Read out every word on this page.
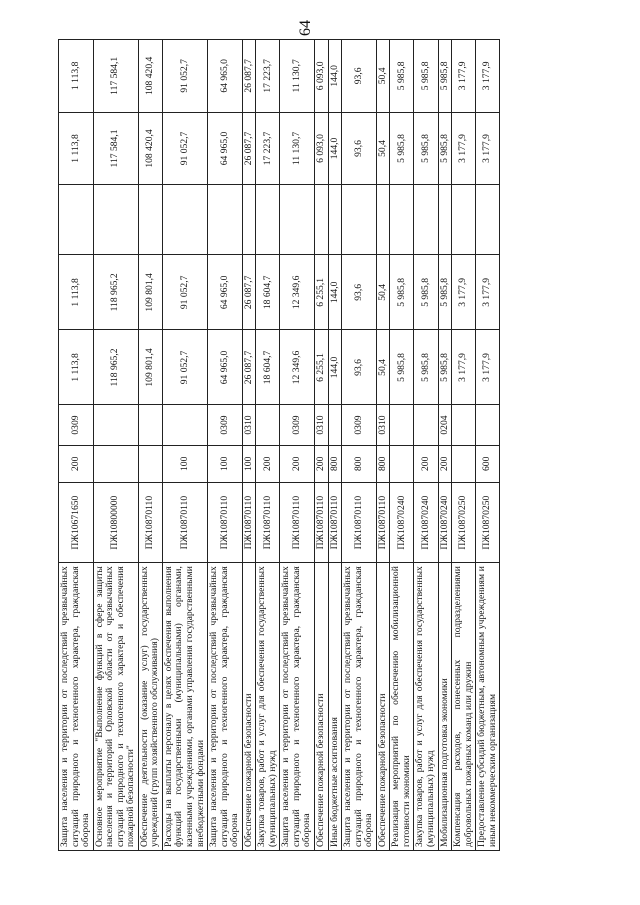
64
Защита населения и территории от последствий чрезвычайных ситуаций природного и техногенного характера, гражданская оборона	ПЖ10671650	200	0309	1 113,8	1 113,8		1 113,8	1 113,8
Основное мероприятие "Выполнение функций в сфере защиты населения и территорий Орловской области от чрезвычайных ситуаций природного и техногенного характера и обеспечения пожарной безопасности"	ПЖ10800000			118 965,2	118 965,2		117 584,1	117 584,1
Обеспечение деятельности (оказание услуг) государственных учреждений (групп хозяйственного обслуживания)	ПЖ10870110			109 801,4	109 801,4		108 420,4	108 420,4
Расходы на выплаты персоналу в целях обеспечения выполнения функций государственными (муниципальными) органами, казенными учреждениями, органами управления государственными внебюджетными фондами	ПЖ10870110	100		91 052,7	91 052,7		91 052,7	91 052,7
Защита населения и территории от последствий чрезвычайных ситуаций природного и техногенного характера, гражданская оборона	ПЖ10870110	100	0309	64 965,0	64 965,0		64 965,0	64 965,0
Обеспечение пожарной безопасности	ПЖ10870110	100	0310	26 087,7	26 087,7		26 087,7	26 087,7
Закупка товаров, работ и услуг для обеспечения государственных (муниципальных) нужд	ПЖ10870110	200		18 604,7	18 604,7		17 223,7	17 223,7
Защита населения и территории от последствий чрезвычайных ситуаций природного и техногенного характера, гражданская оборона	ПЖ10870110	200	0309	12 349,6	12 349,6		11 130,7	11 130,7
Обеспечение пожарной безопасности	ПЖ10870110	200	0310	6 255,1	6 255,1		6 093,0	6 093,0
Иные бюджетные ассигнования	ПЖ10870110	800		144,0	144,0		144,0	144,0
Защита населения и территории от последствий чрезвычайных ситуаций природного и техногенного характера, гражданская оборона	ПЖ10870110	800	0309	93,6	93,6		93,6	93,6
Обеспечение пожарной безопасности	ПЖ10870110	800	0310	50,4	50,4		50,4	50,4
Реализация мероприятий по обеспечению мобилизационной готовности экономики	ПЖ10870240			5 985,8	5 985,8		5 985,8	5 985,8
Закупка товаров, работ и услуг для обеспечения государственных (муниципальных) нужд	ПЖ10870240	200		5 985,8	5 985,8		5 985,8	5 985,8
Мобилизационная подготовка экономики	ПЖ10870240	200	0204	5 985,8	5 985,8		5 985,8	5 985,8
Компенсация расходов, понесенных подразделениями добровольных пожарных команд или дружин	ПЖ10870250			3 177,9	3 177,9		3 177,9	3 177,9
Предоставление субсидий бюджетным, автономным учреждениям и иным некоммерческим организациям	ПЖ10870250	600		3 177,9	3 177,9		3 177,9	3 177,9
